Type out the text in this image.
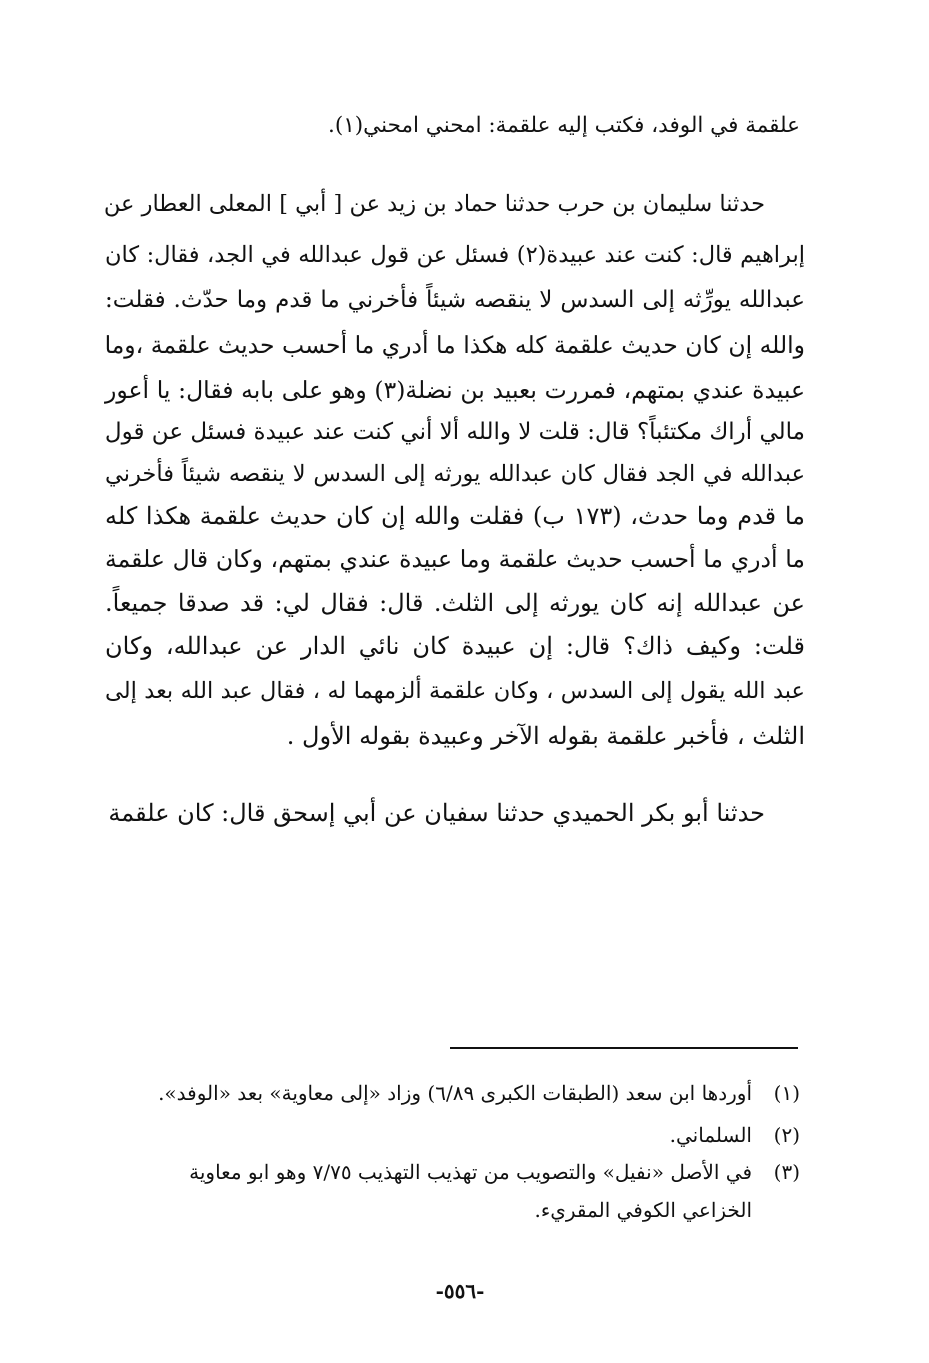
علقمة في الوفد، فكتب إليه علقمة: امحني امحني(١).
حدثنا سليمان بن حرب حدثنا حماد بن زيد عن [ أبي ] المعلى العطار عن
إبراهيم قال: كنت عند عبيدة(٢) فسئل عن قول عبدالله في الجد، فقال: كان
عبدالله يورِّثه إلى السدس لا ينقصه شيئاً فأخرني ما قدم وما حدّث. فقلت:
والله إن كان حديث علقمة كله هكذا ما أدري ما أحسب حديث علقمة ،وما
عبيدة عندي بمتهم، فمررت بعبيد بن نضلة(٣) وهو على بابه فقال: يا أعور
مالي أراك مكتئباً؟ قال: قلت لا والله ألا أني كنت عند عبيدة فسئل عن قول
عبدالله في الجد فقال كان عبدالله يورثه إلى السدس لا ينقصه شيئاً فأخرني
ما قدم وما حدث، (١٧٣ ب) فقلت والله إن كان حديث علقمة هكذا كله
ما أدري ما أحسب حديث علقمة وما عبيدة عندي بمتهم، وكان قال علقمة
عن عبدالله إنه كان يورثه إلى الثلث. قال: فقال لي: قد صدقا جميعاً.
قلت: وكيف ذاك؟ قال: إن عبيدة كان نائي الدار عن عبدالله، وكان
عبد الله يقول إلى السدس ، وكان علقمة ألزمهما له ، فقال عبد الله بعد إلى
الثلث ، فأخبر علقمة بقوله الآخر وعبيدة بقوله الأول .
حدثنا أبو بكر الحميدي حدثنا سفيان عن أبي إسحق قال: كان علقمة
(١)أوردها ابن سعد (الطبقات الكبرى ٦/٨٩) وزاد «إلى معاوية» بعد «الوفد».
(٢)السلماني.
(٣)في الأصل «نفيل» والتصويب من تهذيب التهذيب ٧/٧٥ وهو ابو معاوية
الخزاعي الكوفي المقريء.
-٥٥٦-
